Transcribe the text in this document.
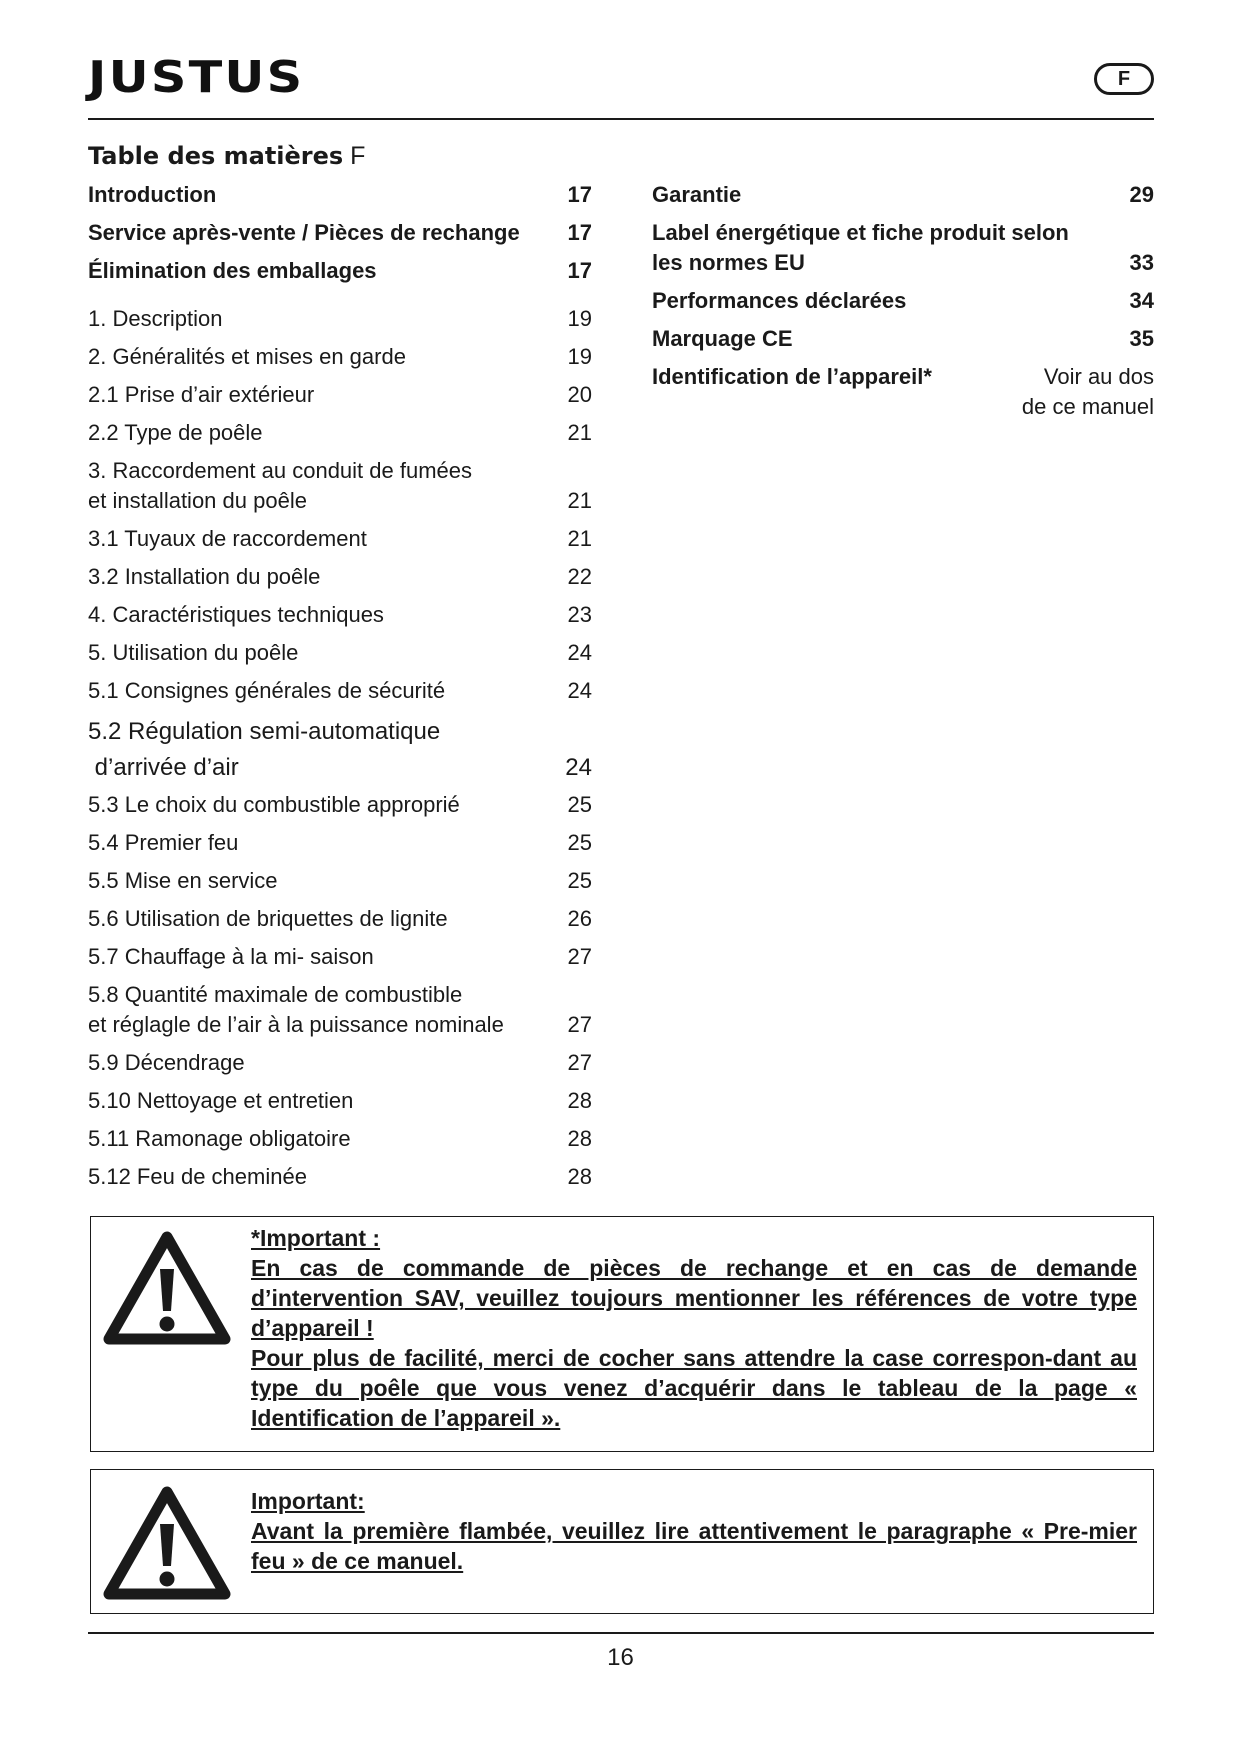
JUSTUS	F
Table des matières F
Introduction	17
Service après-vente / Pièces de rechange	17
Élimination des emballages	17
1. Description	19
2. Généralités et mises en garde	19
2.1 Prise d’air extérieur	20
2.2 Type de poêle	21
3. Raccordement au conduit de fumées
et installation du poêle	21
3.1 Tuyaux de raccordement	21
3.2 Installation du poêle	22
4. Caractéristiques techniques	23
5. Utilisation du poêle	24
5.1 Consignes générales de sécurité	24
5.2 Régulation semi-automatique
d’arrivée d’air	24
5.3 Le choix du combustible approprié	25
5.4 Premier feu	25
5.5 Mise en service	25
5.6 Utilisation de briquettes de lignite	26
5.7 Chauffage à la mi- saison	27
5.8 Quantité maximale de combustible
et réglagle de l’air à la puissance nominale	27
5.9 Décendrage	27
5.10 Nettoyage et entretien	28
5.11 Ramonage obligatoire	28
5.12 Feu de cheminée	28
Garantie	29
Label énergétique et fiche produit selon
les normes EU	33
Performances déclarées	34
Marquage CE	35
Identification de l’appareil*	Voir au dos
de ce manuel

*Important :

En cas de commande de pièces de rechange et en cas de demande d’intervention SAV, veuillez toujours mentionner les références de votre type d’appareil !

Pour plus de facilité, merci de cocher sans attendre la case correspon-dant au type du poêle que vous venez d’acquérir dans le tableau de la page « Identification de l’appareil ».

Important:

Avant la première flambée, veuillez lire attentivement le paragraphe « Pre-mier feu » de ce manuel.

16
